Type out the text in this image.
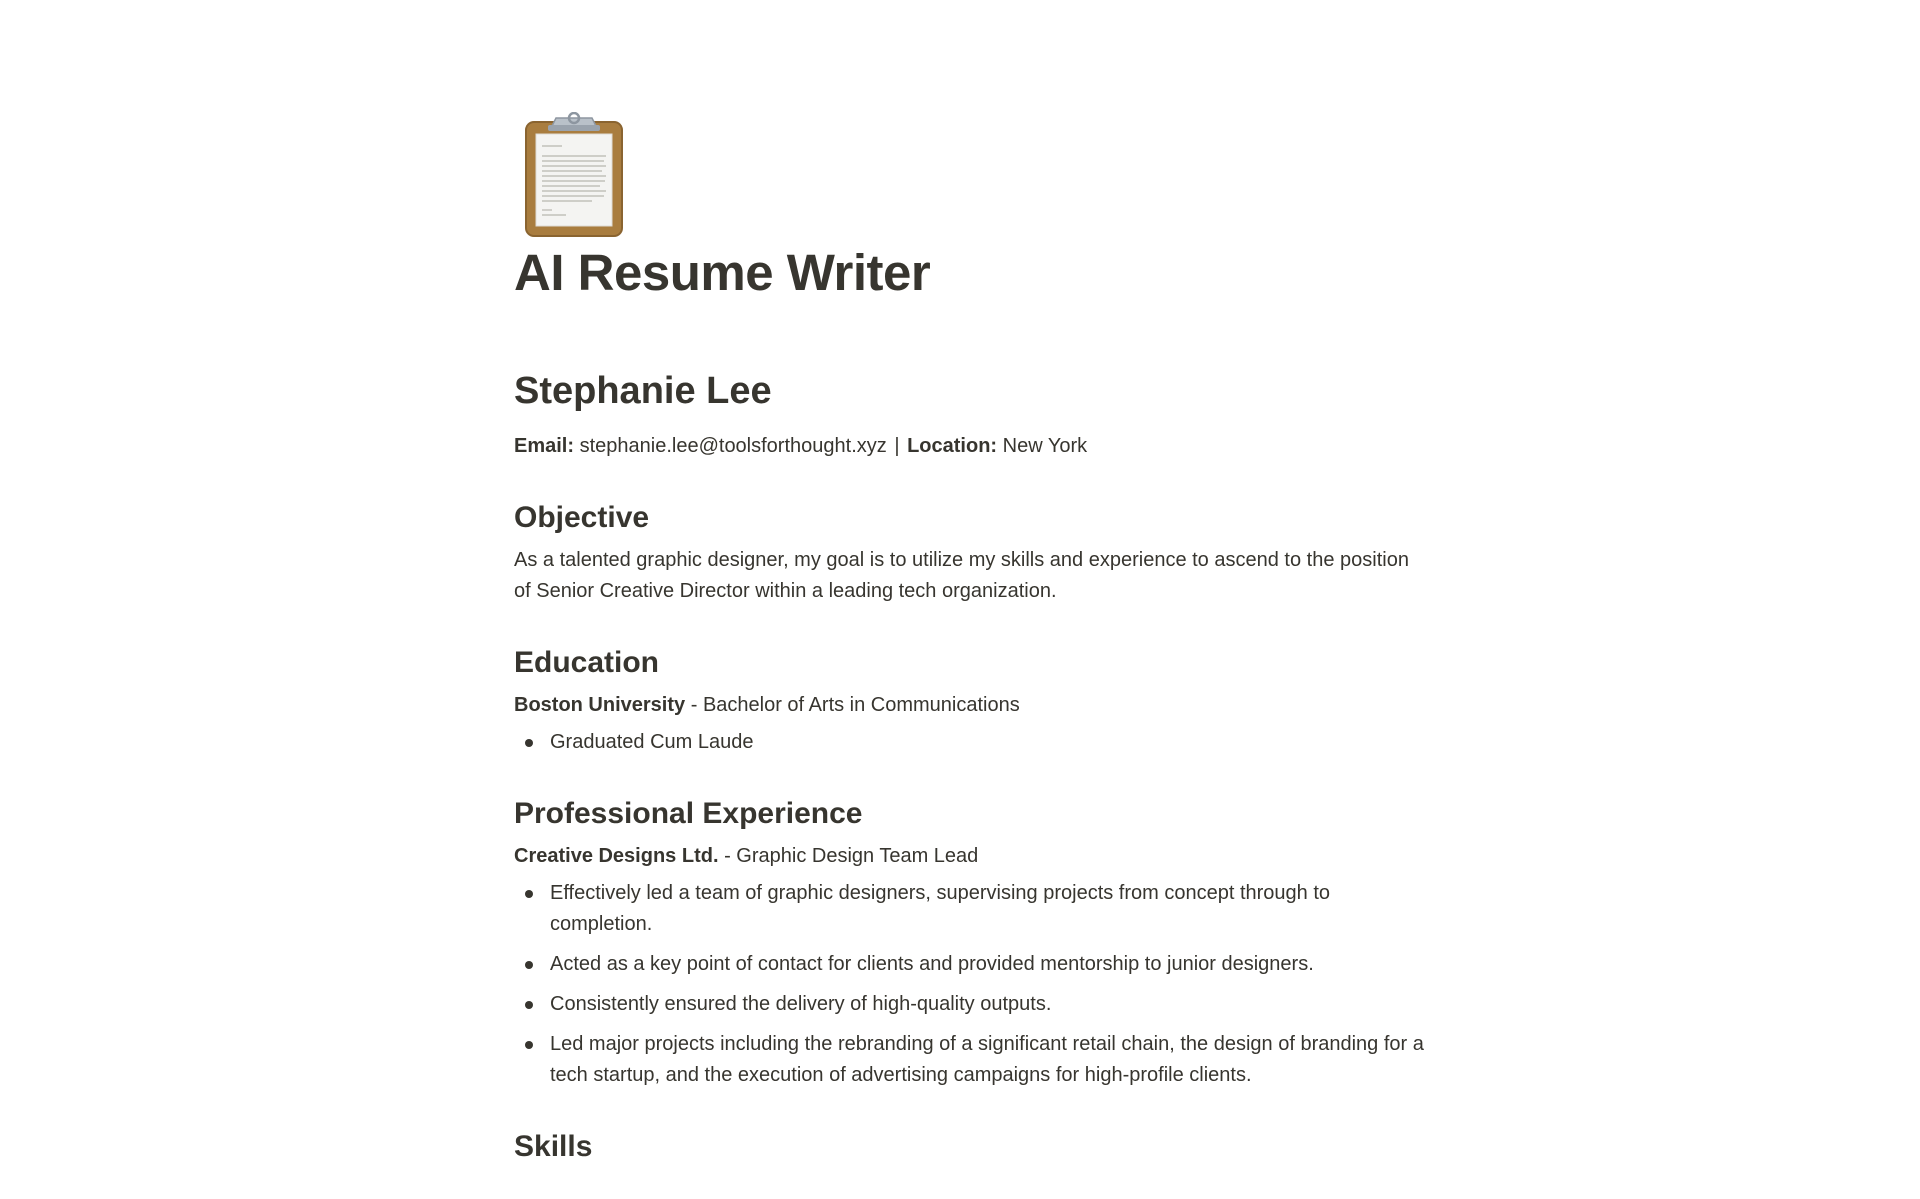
AI Resume Writer
Stephanie Lee
Email: stephanie.lee@toolsforthought.xyz | Location: New York
Objective
As a talented graphic designer, my goal is to utilize my skills and experience to ascend to the position of Senior Creative Director within a leading tech organization.
Education
Boston University - Bachelor of Arts in Communications
Graduated Cum Laude
Professional Experience
Creative Designs Ltd. - Graphic Design Team Lead
Effectively led a team of graphic designers, supervising projects from concept through to completion.
Acted as a key point of contact for clients and provided mentorship to junior designers.
Consistently ensured the delivery of high-quality outputs.
Led major projects including the rebranding of a significant retail chain, the design of branding for a tech startup, and the execution of advertising campaigns for high-profile clients.
Skills
